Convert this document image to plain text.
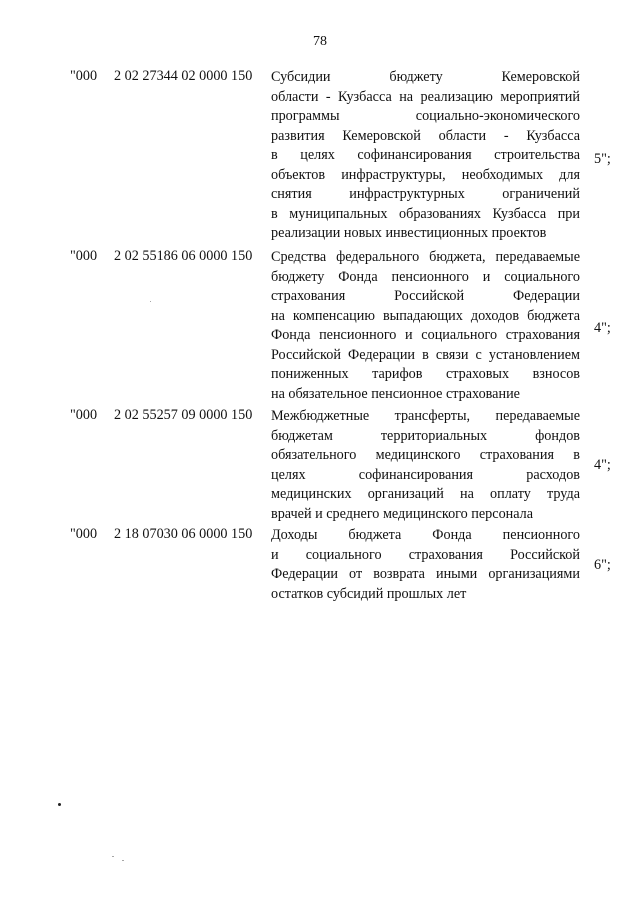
78
"000 2 02 27344 02 0000 150 Субсидии бюджету Кемеровской
области - Кузбасса на реализацию мероприятий
программы социально-экономического
развития Кемеровской области - Кузбасса
в целях софинансирования строительства
объектов инфраструктуры, необходимых для
снятия инфраструктурных ограничений
в муниципальных образованиях Кузбасса при
реализации новых инвестиционных проектов
5";
"000 2 02 55186 06 0000 150 Средства федерального бюджета, передаваемые
бюджету Фонда пенсионного и социального
страхования Российской Федерации
на компенсацию выпадающих доходов бюджета
Фонда пенсионного и социального страхования
Российской Федерации в связи с установлением
пониженных тарифов страховых взносов
на обязательное пенсионное страхование
4";
"000 2 02 55257 09 0000 150 Межбюджетные трансферты, передаваемые
бюджетам территориальных фондов
обязательного медицинского страхования в
целях софинансирования расходов
медицинских организаций на оплату труда
врачей и среднего медицинского персонала
4";
"000 2 18 07030 06 0000 150 Доходы бюджета Фонда пенсионного
и социального страхования Российской
Федерации от возврата иными организациями
остатков субсидий прошлых лет
6";
